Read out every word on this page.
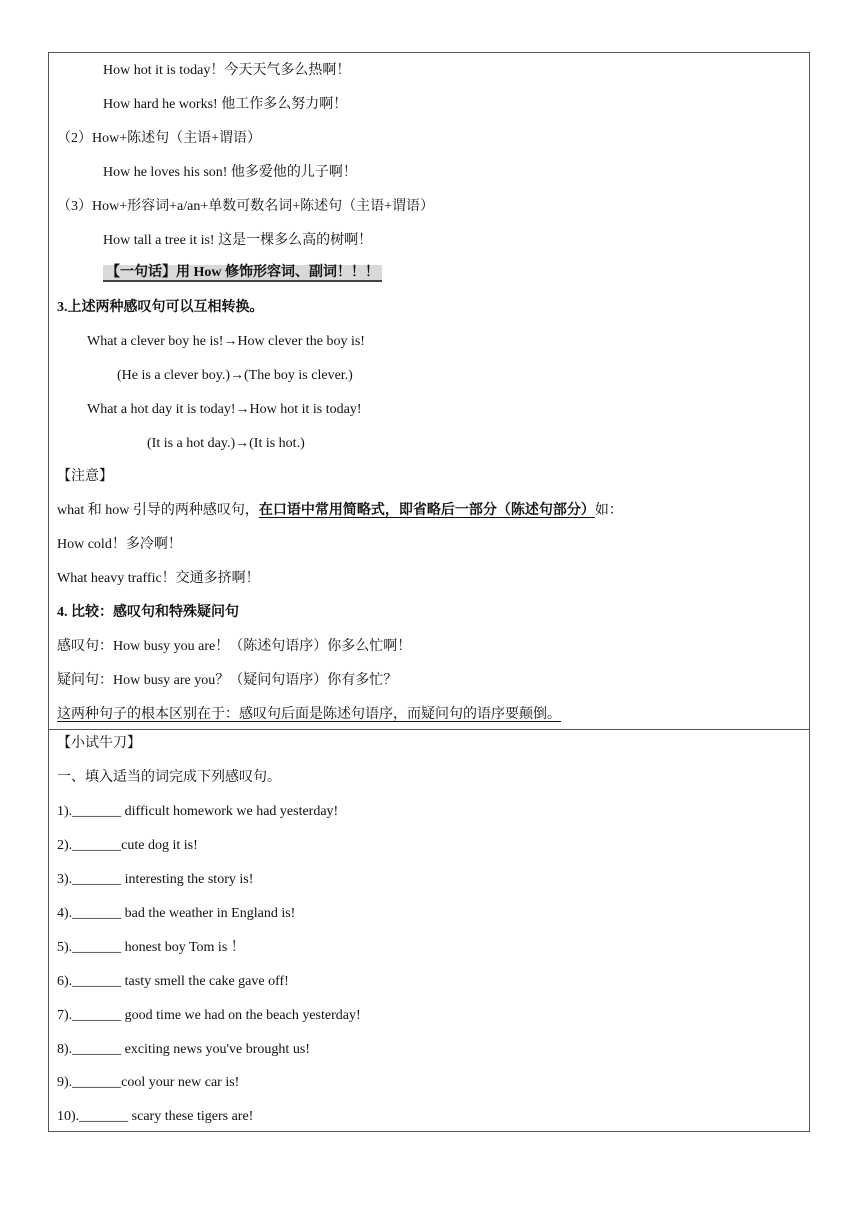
How hot it is today！今天天气多么热啊！
How hard he works! 他工作多么努力啊！
（2）How+陈述句（主语+谓语）
How he loves his son! 他多爱他的儿子啊！
（3）How+形容词+a/an+单数可数名词+陈述句（主语+谓语）
How tall a tree it is! 这是一棵多么高的树啊！
【一句话】用 How 修饰形容词、副词！！！
3.上述两种感叹句可以互相转换。
What a clever boy he is!→How clever the boy is!
(He is a clever boy.)→(The boy is clever.)
What a hot day it is today!→How hot it is today!
(It is a hot day.)→(It is hot.)
【注意】
what 和 how 引导的两种感叹句，在口语中常用简略式，即省略后一部分（陈述句部分）如：
How cold！多冷啊！
What heavy traffic！交通多挤啊！
4. 比较：感叹句和特殊疑问句
感叹句：How busy you are！（陈述句语序）你多么忙啊！
疑问句：How busy are you？（疑问句语序）你有多忙？
这两种句子的根本区别在于：感叹句后面是陈述句语序，而疑问句的语序要颠倒。
【小试牛刀】
一、填入适当的词完成下列感叹句。
1)._______ difficult homework we had yesterday!
2)._______cute dog it is!
3)._______ interesting the story is!
4)._______ bad the weather in England is!
5)._______ honest boy Tom is ！
6)._______ tasty smell the cake gave off!
7)._______ good time we had on the beach yesterday!
8)._______ exciting news you've brought us!
9)._______cool your new car is!
10)._______ scary these tigers are!
